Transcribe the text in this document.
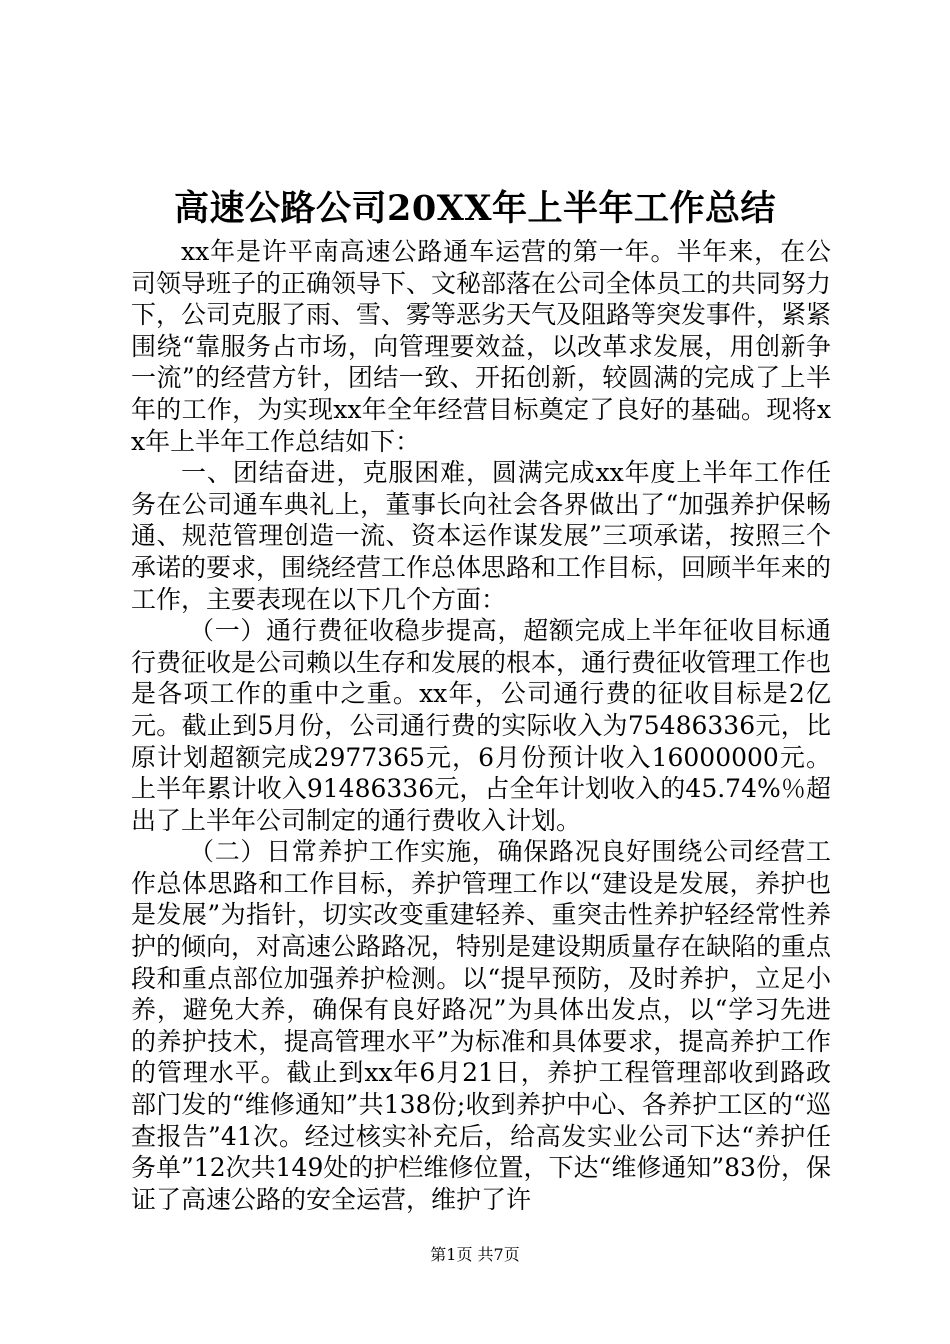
高速公路公司20XX年上半年工作总结

xx年是许平南高速公路通车运营的第一年。半年来，在公司领导班子的正确领导下、文秘部落在公司全体员工的共同努力下，公司克服了雨、雪、雾等恶劣天气及阻路等突发事件，紧紧围绕“靠服务占市场，向管理要效益，以改革求发展，用创新争一流”的经营方针，团结一致、开拓创新，较圆满的完成了上半年的工作，为实现xx年全年经营目标奠定了良好的基础。现将xx年上半年工作总结如下：

一、团结奋进，克服困难，圆满完成xx年度上半年工作任务在公司通车典礼上，董事长向社会各界做出了“加强养护保畅通、规范管理创造一流、资本运作谋发展”三项承诺，按照三个承诺的要求，围绕经营工作总体思路和工作目标，回顾半年来的工作，主要表现在以下几个方面：

（一）通行费征收稳步提高，超额完成上半年征收目标通行费征收是公司赖以生存和发展的根本，通行费征收管理工作也是各项工作的重中之重。xx年，公司通行费的征收目标是2亿元。截止到5月份，公司通行费的实际收入为75486336元，比原计划超额完成2977365元，6月份预计收入16000000元。上半年累计收入91486336元，占全年计划收入的45.74%％超出了上半年公司制定的通行费收入计划。

（二）日常养护工作实施，确保路况良好围绕公司经营工作总体思路和工作目标，养护管理工作以“建设是发展，养护也是发展”为指针，切实改变重建轻养、重突击性养护轻经常性养护的倾向，对高速公路路况，特别是建设期质量存在缺陷的重点段和重点部位加强养护检测。以“提早预防，及时养护，立足小养，避免大养，确保有良好路况”为具体出发点，以“学习先进的养护技术，提高管理水平”为标准和具体要求，提高养护工作的管理水平。截止到xx年6月21日，养护工程管理部收到路政部门发的“维修通知”共138份;收到养护中心、各养护工区的“巡查报告”41次。经过核实补充后，给高发实业公司下达“养护任务单”12次共149处的护栏维修位置，下达“维修通知”83份，保证了高速公路的安全运营，维护了许

第1页 共7页
